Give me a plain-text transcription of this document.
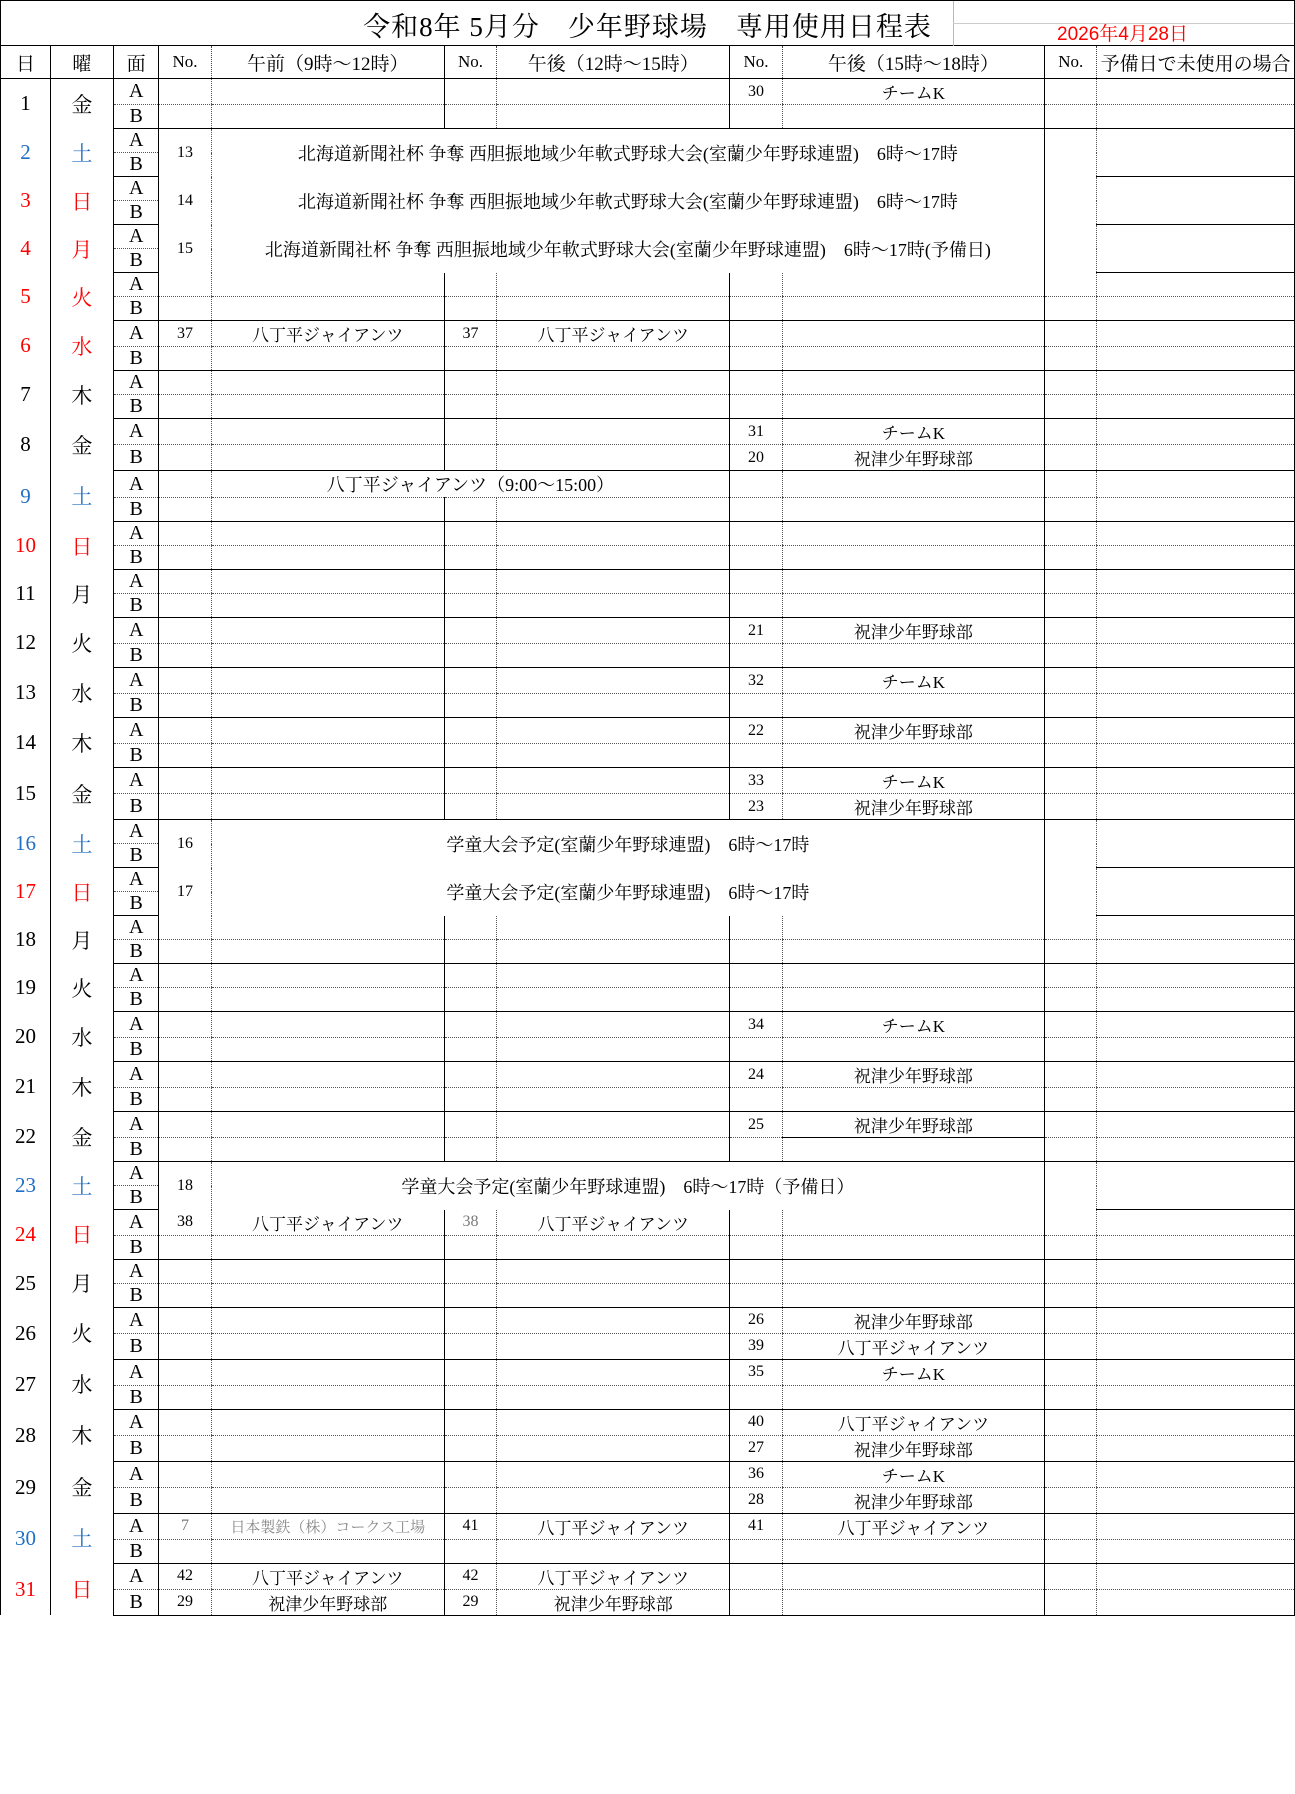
令和8年 5月分　少年野球場　専用使用日程表	2026年4月28日
日	曜	面	No.	午前（9時〜12時）	No.	午後（12時〜15時）	No.	午後（15時〜18時）	No.	予備日で未使用の場合
1	金	A					30	チームK		
		B								
2	土	A	13	北海道新聞社杯 争奪 西胆振地域少年軟式野球大会(室蘭少年野球連盟)　6時〜17時						
		B								
3	日	A	14	北海道新聞社杯 争奪 西胆振地域少年軟式野球大会(室蘭少年野球連盟)　6時〜17時						
		B								
4	月	A	15	北海道新聞社杯 争奪 西胆振地域少年軟式野球大会(室蘭少年野球連盟)　6時〜17時(予備日)						
		B								
5	火	A								
		B								
6	水	A	37	八丁平ジャイアンツ	37	八丁平ジャイアンツ				
		B								
7	木	A								
		B								
8	金	A					31	チームK		
		B					20	祝津少年野球部		
9	土	A		八丁平ジャイアンツ（9:00〜15:00）						
		B								
10	日	A								
		B								
11	月	A								
		B								
12	火	A					21	祝津少年野球部		
		B								
13	水	A					32	チームK		
		B								
14	木	A					22	祝津少年野球部		
		B								
15	金	A					33	チームK		
		B					23	祝津少年野球部		
16	土	A	16	学童大会予定(室蘭少年野球連盟)　6時〜17時						
		B								
17	日	A	17	学童大会予定(室蘭少年野球連盟)　6時〜17時						
		B								
18	月	A								
		B								
19	火	A								
		B								
20	水	A					34	チームK		
		B								
21	木	A					24	祝津少年野球部		
		B								
22	金	A					25	祝津少年野球部		
		B								
23	土	A	18	学童大会予定(室蘭少年野球連盟)　6時〜17時（予備日）						
		B								
24	日	A	38	八丁平ジャイアンツ	38	八丁平ジャイアンツ				
		B								
25	月	A								
		B								
26	火	A					26	祝津少年野球部		
		B					39	八丁平ジャイアンツ		
27	水	A					35	チームK		
		B								
28	木	A					40	八丁平ジャイアンツ		
		B					27	祝津少年野球部		
29	金	A					36	チームK		
		B					28	祝津少年野球部		
30	土	A	7	日本製鉄（株）コークス工場	41	八丁平ジャイアンツ	41	八丁平ジャイアンツ		
		B								
31	日	A	42	八丁平ジャイアンツ	42	八丁平ジャイアンツ				
		B	29	祝津少年野球部	29	祝津少年野球部				
